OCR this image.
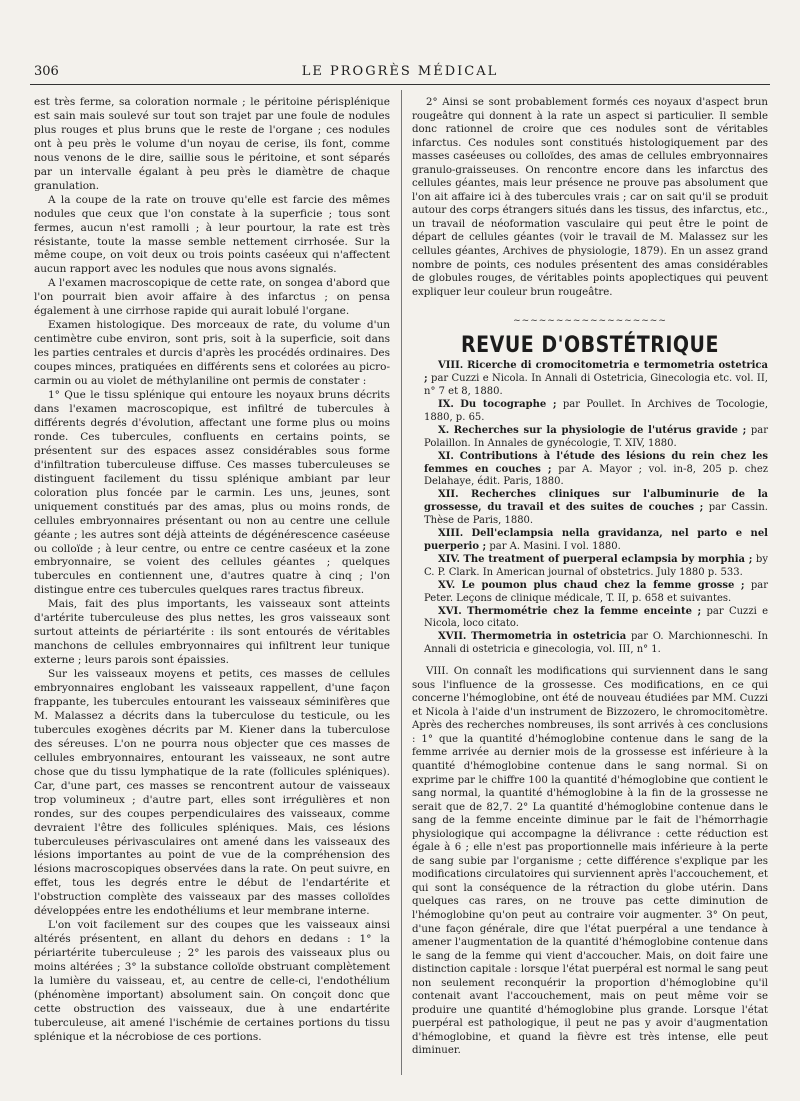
306	LE PROGRÈS MÉDICAL

est très ferme, sa coloration normale ; le péritoine périsplénique est sain mais soulevé sur tout son trajet par une foule de nodules plus rouges et plus bruns que le reste de l'organe ; ces nodules ont à peu près le volume d'un noyau de cerise, ils font, comme nous venons de le dire, saillie sous le péritoine, et sont séparés par un intervalle égalant à peu près le diamètre de chaque granulation.

A la coupe de la rate on trouve qu'elle est farcie des mêmes nodules que ceux que l'on constate à la superficie ; tous sont fermes, aucun n'est ramolli ; à leur pourtour, la rate est très résistante, toute la masse semble nettement cirrhosée. Sur la même coupe, on voit deux ou trois points caséeux qui n'affectent aucun rapport avec les nodules que nous avons signalés.

A l'examen macroscopique de cette rate, on songea d'abord que l'on pourrait bien avoir affaire à des infarctus ; on pensa également à une cirrhose rapide qui aurait lobulé l'organe.

Examen histologique. Des morceaux de rate, du volume d'un centimètre cube environ, sont pris, soit à la superficie, soit dans les parties centrales et durcis d'après les procédés ordinaires. Des coupes minces, pratiquées en différents sens et colorées au picro-carmin ou au violet de méthylaniline ont permis de constater :

1° Que le tissu splénique qui entoure les noyaux bruns décrits dans l'examen macroscopique, est infiltré de tubercules à différents degrés d'évolution, affectant une forme plus ou moins ronde. Ces tubercules, confluents en certains points, se présentent sur des espaces assez considérables sous forme d'infiltration tuberculeuse diffuse. Ces masses tuberculeuses se distinguent facilement du tissu splénique ambiant par leur coloration plus foncée par le carmin. Les uns, jeunes, sont uniquement constitués par des amas, plus ou moins ronds, de cellules embryonnaires présentant ou non au centre une cellule géante ; les autres sont déjà atteints de dégénérescence caséeuse ou colloïde ; à leur centre, ou entre ce centre caséeux et la zone embryonnaire, se voient des cellules géantes ; quelques tubercules en contiennent une, d'autres quatre à cinq ; l'on distingue entre ces tubercules quelques rares tractus fibreux.

Mais, fait des plus importants, les vaisseaux sont atteints d'artérite tuberculeuse des plus nettes, les gros vaisseaux sont surtout atteints de périartérite : ils sont entourés de véritables manchons de cellules embryonnaires qui infiltrent leur tunique externe ; leurs parois sont épaissies.

Sur les vaisseaux moyens et petits, ces masses de cellules embryonnaires englobant les vaisseaux rappellent, d'une façon frappante, les tubercules entourant les vaisseaux séminifères que M. Malassez a décrits dans la tuberculose du testicule, ou les tubercules exogènes décrits par M. Kiener dans la tuberculose des séreuses. L'on ne pourra nous objecter que ces masses de cellules embryonnaires, entourant les vaisseaux, ne sont autre chose que du tissu lymphatique de la rate (follicules spléniques). Car, d'une part, ces masses se rencontrent autour de vaisseaux trop volumineux ; d'autre part, elles sont irrégulières et non rondes, sur des coupes perpendiculaires des vaisseaux, comme devraient l'être des follicules spléniques. Mais, ces lésions tuberculeuses périvasculaires ont amené dans les vaisseaux des lésions importantes au point de vue de la compréhension des lésions macroscopiques observées dans la rate. On peut suivre, en effet, tous les degrés entre le début de l'endartérite et l'obstruction complète des vaisseaux par des masses colloïdes développées entre les endothéliums et leur membrane interne.

L'on voit facilement sur des coupes que les vaisseaux ainsi altérés présentent, en allant du dehors en dedans : 1° la périartérite tuberculeuse ; 2° les parois des vaisseaux plus ou moins altérées ; 3° la substance colloïde obstruant complètement la lumière du vaisseau, et, au centre de celle-ci, l'endothélium (phénomène important) absolument sain. On conçoit donc que cette obstruction des vaisseaux, due à une endartérite tuberculeuse, ait amené l'ischémie de certaines portions du tissu splénique et la nécrobiose de ces portions.

2° Ainsi se sont probablement formés ces noyaux d'aspect brun rougeâtre qui donnent à la rate un aspect si particulier. Il semble donc rationnel de croire que ces nodules sont de véritables infarctus. Ces nodules sont constitués histologiquement par des masses caséeuses ou colloïdes, des amas de cellules embryonnaires granulo-graisseuses. On rencontre encore dans les infarctus des cellules géantes, mais leur présence ne prouve pas absolument que l'on ait affaire ici à des tubercules vrais ; car on sait qu'il se produit autour des corps étrangers situés dans les tissus, des infarctus, etc., un travail de néoformation vasculaire qui peut être le point de départ de cellules géantes (voir le travail de M. Malassez sur les cellules géantes, Archives de physiologie, 1879). En un assez grand nombre de points, ces nodules présentent des amas considérables de globules rouges, de véritables points apoplectiques qui peuvent expliquer leur couleur brun rougeâtre.

~~~~~~~~~~~~~~~~~~
REVUE D'OBSTÉTRIQUE

VIII. Ricerche di cromocitometria e termometria ostetrica ; par Cuzzi e Nicola. In Annali di Ostetricia, Ginecologia etc. vol. II, n° 7 et 8, 1880.

IX. Du tocographe ; par Poullet. In Archives de Tocologie, 1880, p. 65.

X. Recherches sur la physiologie de l'utérus gravide ; par Polaillon. In Annales de gynécologie, T. XIV, 1880.

XI. Contributions à l'étude des lésions du rein chez les femmes en couches ; par A. Mayor ; vol. in-8, 205 p. chez Delahaye, édit. Paris, 1880.

XII. Recherches cliniques sur l'albuminurie de la grossesse, du travail et des suites de couches ; par Cassin. Thèse de Paris, 1880.

XIII. Dell'eclampsia nella gravidanza, nel parto e nel puerperio ; par A. Masini. I vol. 1880.

XIV. The treatment of puerperal eclampsia by morphia ; by C. P. Clark. In American journal of obstetrics. July 1880 p. 533.

XV. Le poumon plus chaud chez la femme grosse ; par Peter. Leçons de clinique médicale, T. II, p. 658 et suivantes.

XVI. Thermométrie chez la femme enceinte ; par Cuzzi e Nicola, loco citato.

XVII. Thermometria in ostetricia par O. Marchionneschi. In Annali di ostetricia e ginecologia, vol. III, n° 1.

VIII. On connaît les modifications qui surviennent dans le sang sous l'influence de la grossesse. Ces modifications, en ce qui concerne l'hémoglobine, ont été de nouveau étudiées par MM. Cuzzi et Nicola à l'aide d'un instrument de Bizzozero, le chromocitomètre. Après des recherches nombreuses, ils sont arrivés à ces conclusions : 1° que la quantité d'hémoglobine contenue dans le sang de la femme arrivée au dernier mois de la grossesse est inférieure à la quantité d'hémoglobine contenue dans le sang normal. Si on exprime par le chiffre 100 la quantité d'hémoglobine que contient le sang normal, la quantité d'hémoglobine à la fin de la grossesse ne serait que de 82,7. 2° La quantité d'hémoglobine contenue dans le sang de la femme enceinte diminue par le fait de l'hémorrhagie physiologique qui accompagne la délivrance : cette réduction est égale à 6 ; elle n'est pas proportionnelle mais inférieure à la perte de sang subie par l'organisme ; cette différence s'explique par les modifications circulatoires qui surviennent après l'accouchement, et qui sont la conséquence de la rétraction du globe utérin. Dans quelques cas rares, on ne trouve pas cette diminution de l'hémoglobine qu'on peut au contraire voir augmenter. 3° On peut, d'une façon générale, dire que l'état puerpéral a une tendance à amener l'augmentation de la quantité d'hémoglobine contenue dans le sang de la femme qui vient d'accoucher. Mais, on doit faire une distinction capitale : lorsque l'état puerpéral est normal le sang peut non seulement reconquérir la proportion d'hémoglobine qu'il contenait avant l'accouchement, mais on peut même voir se produire une quantité d'hémoglobine plus grande. Lorsque l'état puerpéral est pathologique, il peut ne pas y avoir d'augmentation d'hémoglobine, et quand la fièvre est très intense, elle peut diminuer.
